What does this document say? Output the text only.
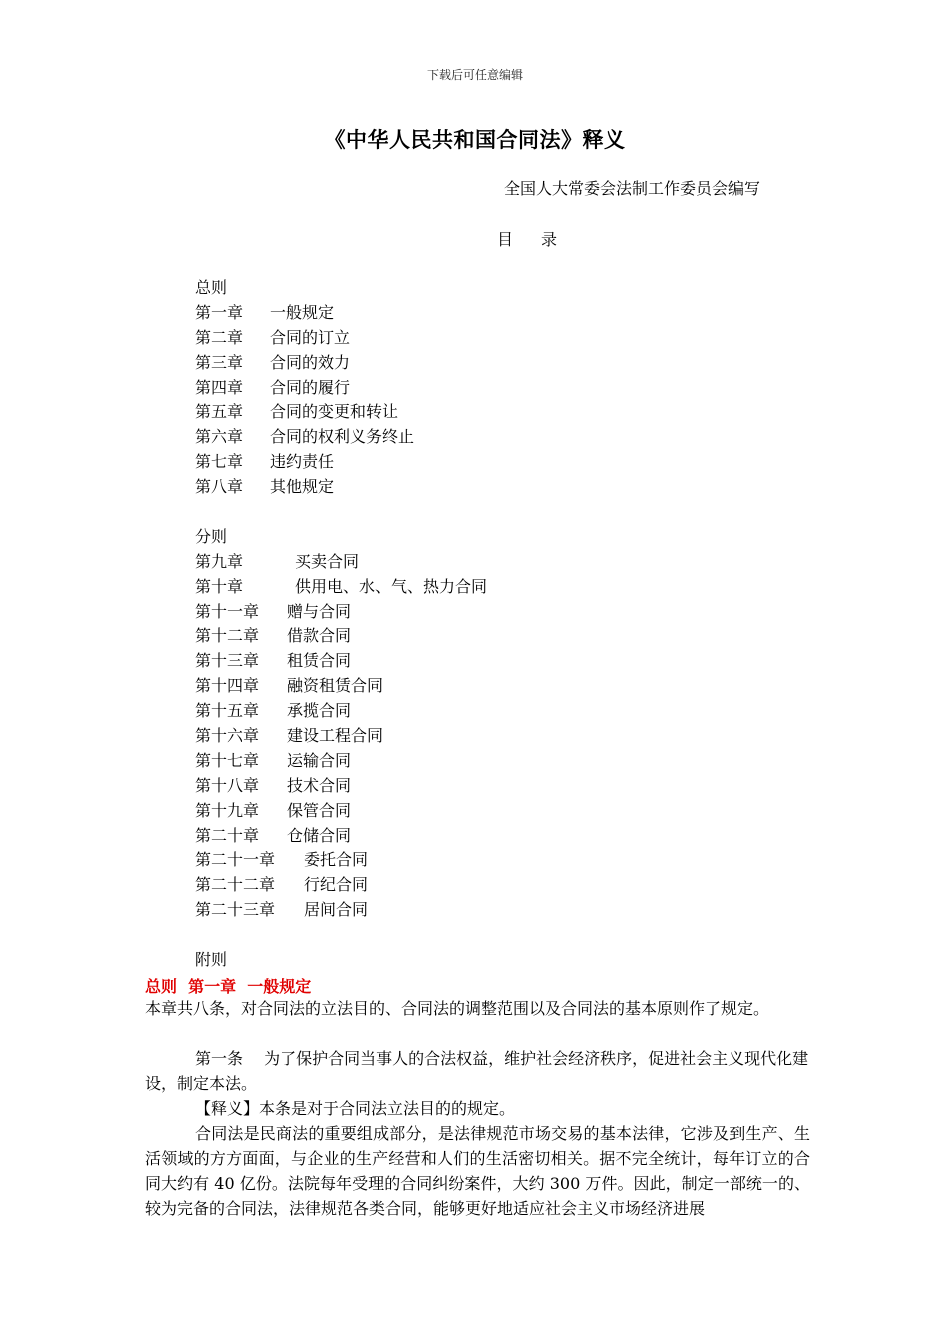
下载后可任意编辑
《中华人民共和国合同法》释义
全国人大常委会法制工作委员会编写
目 录
总则
第一章 一般规定
第二章 合同的订立
第三章 合同的效力
第四章 合同的履行
第五章 合同的变更和转让
第六章 合同的权利义务终止
第七章 违约责任
第八章 其他规定
分则
第九章	买卖合同
第十章	供用电、水、气、热力合同
第十一章 赠与合同
第十二章 借款合同
第十三章 租赁合同
第十四章 融资租赁合同
第十五章 承揽合同
第十六章 建设工程合同
第十七章 运输合同
第十八章 技术合同
第十九章 保管合同
第二十章 仓储合同
第二十一章 委托合同
第二十二章 行纪合同
第二十三章 居间合同
附则
总则  第一章  一般规定
本章共八条，对合同法的立法目的、合同法的调整范围以及合同法的基本原则作了规定。
第一条　 为了保护合同当事人的合法权益，维护社会经济秩序，促进社会主义现代化建设，制定本法。
【释义】本条是对于合同法立法目的的规定。
合同法是民商法的重要组成部分，是法律规范市场交易的基本法律，它涉及到生产、生活领域的方方面面，与企业的生产经营和人们的生活密切相关。据不完全统计，每年订立的合同大约有 40 亿份。法院每年受理的合同纠纷案件，大约 300 万件。因此，制定一部统一的、较为完备的合同法，法律规范各类合同，能够更好地适应社会主义市场经济进展
